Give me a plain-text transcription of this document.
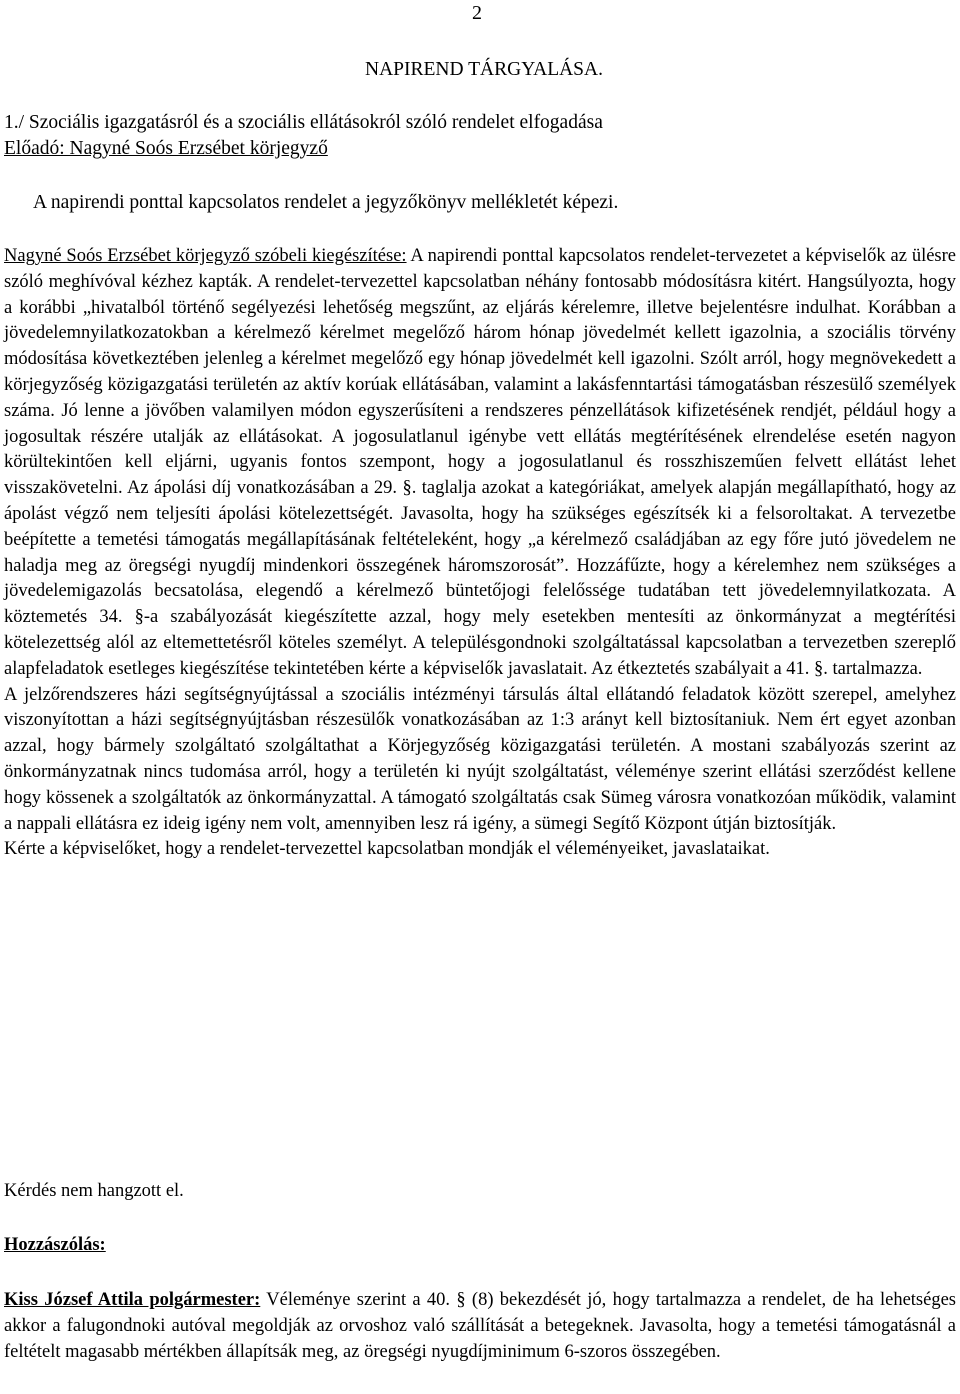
2
NAPIREND TÁRGYALÁSA.
1./ Szociális igazgatásról és a szociális ellátásokról szóló rendelet elfogadása
Előadó: Nagyné Soós Erzsébet körjegyző
A napirendi ponttal kapcsolatos rendelet a jegyzőkönyv mellékletét képezi.

Nagyné Soós Erzsébet körjegyző szóbeli kiegészítése: A napirendi ponttal kapcsolatos rendelet-tervezetet a képviselők az ülésre szóló meghívóval kézhez kapták. A rendelet-tervezettel kapcsolatban néhány fontosabb módosításra kitért. Hangsúlyozta, hogy a korábbi „hivatalból történő segélyezési lehetőség megszűnt, az eljárás kérelemre, illetve bejelentésre indulhat. Korábban a jövedelemnyilatkozatokban a kérelmező kérelmet megelőző három hónap jövedelmét kellett igazolnia, a szociális törvény módosítása következtében jelenleg a kérelmet megelőző egy hónap jövedelmét kell igazolni. Szólt arról, hogy megnövekedett a körjegyzőség közigazgatási területén az aktív korúak ellátásában, valamint a lakásfenntartási támogatásban részesülő személyek száma. Jó lenne a jövőben valamilyen módon egyszerűsíteni a rendszeres pénzellátások kifizetésének rendjét, például hogy a jogosultak részére utalják az ellátásokat. A jogosulatlanul igénybe vett ellátás megtérítésének elrendelése esetén nagyon körültekintően kell eljárni, ugyanis fontos szempont, hogy a jogosulatlanul és rosszhiszeműen felvett ellátást lehet visszakövetelni. Az ápolási díj vonatkozásában a 29. §. taglalja azokat a kategóriákat, amelyek alapján megállapítható, hogy az ápolást végző nem teljesíti ápolási kötelezettségét. Javasolta, hogy ha szükséges egészítsék ki a felsoroltakat. A tervezetbe beépítette a temetési támogatás megállapításának feltételeként, hogy „a kérelmező családjában az egy főre jutó jövedelem ne haladja meg az öregségi nyugdíj mindenkori összegének háromszorosát”. Hozzáfűzte, hogy a kérelemhez nem szükséges a jövedelemigazolás becsatolása, elegendő a kérelmező büntetőjogi felelőssége tudatában tett jövedelemnyilatkozata. A köztemetés 34. §-a szabályozását kiegészítette azzal, hogy mely esetekben mentesíti az önkormányzat a megtérítési kötelezettség alól az eltemettetésről köteles személyt. A településgondnoki szolgáltatással kapcsolatban a tervezetben szereplő alapfeladatok esetleges kiegészítése tekintetében kérte a képviselők javaslatait. Az étkeztetés szabályait a 41. §. tartalmazza.

A jelzőrendszeres házi segítségnyújtással a szociális intézményi társulás által ellátandó feladatok között szerepel, amelyhez viszonyítottan a házi segítségnyújtásban részesülők vonatkozásában az 1:3 arányt kell biztosítaniuk. Nem ért egyet azonban azzal, hogy bármely szolgáltató szolgáltathat a Körjegyzőség közigazgatási területén. A mostani szabályozás szerint az önkormányzatnak nincs tudomása arról, hogy a területén ki nyújt szolgáltatást, véleménye szerint ellátási szerződést kellene hogy kössenek a szolgáltatók az önkormányzattal. A támogató szolgáltatás csak Sümeg városra vonatkozóan működik, valamint a nappali ellátásra ez ideig igény nem volt, amennyiben lesz rá igény, a sümegi Segítő Központ útján biztosítják.

Kérte a képviselőket, hogy a rendelet-tervezettel kapcsolatban mondják el véleményeiket, javaslataikat.

Kérdés nem hangzott el.
Hozzászólás:
Kiss József Attila polgármester: Véleménye szerint a 40. § (8) bekezdését jó, hogy tartalmazza a rendelet, de ha lehetséges akkor a falugondnoki autóval megoldják az orvoshoz való szállítását a betegeknek. Javasolta, hogy a temetési támogatásnál a feltételt magasabb mértékben állapítsák meg, az öregségi nyugdíjminimum 6-szoros összegében.
